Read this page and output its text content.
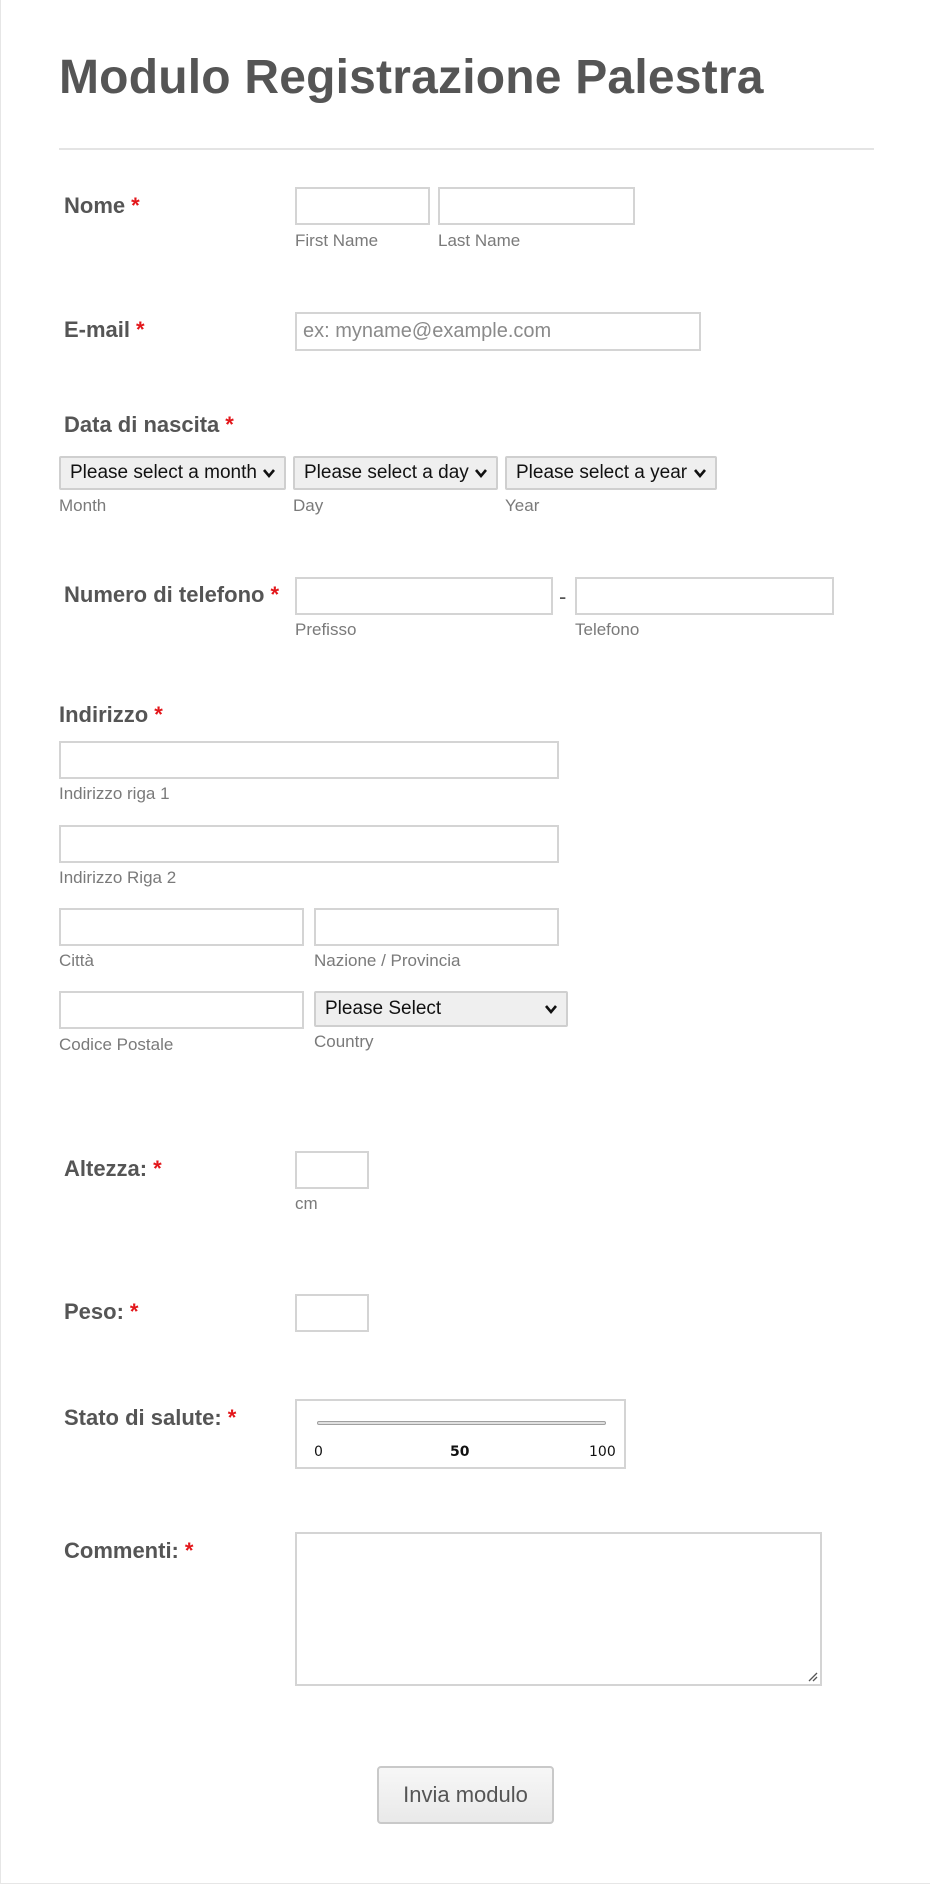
Modulo Registrazione Palestra
Nome *
First Name	Last Name
E-mail *
ex: myname@example.com
Data di nascita *
Please select a month Please select a day Please select a year
Month	Day	Year
Numero di telefono *	-
Prefisso	Telefono
Indirizzo *
Indirizzo riga 1
Indirizzo Riga 2
Città	Nazione / Provincia
Codice Postale
Please Select
Country
Altezza: *
cm
Peso: *
Stato di salute: *
0	50	100
Commenti: *
Invia modulo
